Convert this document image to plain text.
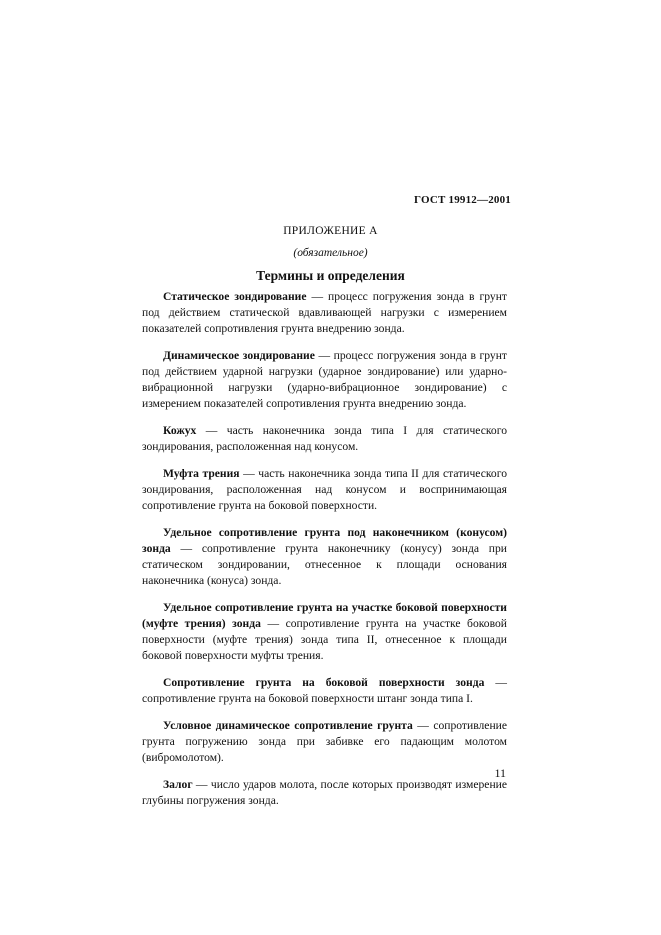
ГОСТ 19912—2001
ПРИЛОЖЕНИЕ А
(обязательное)
Термины и определения

Статическое зондирование — процесс погружения зонда в грунт под действием статической вдавливающей нагрузки с измерением показателей сопротивления грунта внедрению зонда.

Динамическое зондирование — процесс погружения зонда в грунт под действием ударной нагрузки (ударное зондирование) или ударно-вибрационной нагрузки (ударно-вибрационное зондирование) с измерением показателей сопротивления грунта внедрению зонда.

Кожух — часть наконечника зонда типа I для статического зондирования, расположенная над конусом.

Муфта трения — часть наконечника зонда типа II для статического зондирования, расположенная над конусом и воспринимающая сопротивление грунта на боковой поверхности.

Удельное сопротивление грунта под наконечником (конусом) зонда — сопротивление грунта наконечнику (конусу) зонда при статическом зондировании, отнесенное к площади основания наконечника (конуса) зонда.

Удельное сопротивление грунта на участке боковой поверхности (муфте трения) зонда — сопротивление грунта на участке боковой поверхности (муфте трения) зонда типа II, отнесенное к площади боковой поверхности муфты трения.

Сопротивление грунта на боковой поверхности зонда — сопротивление грунта на боковой поверхности штанг зонда типа I.

Условное динамическое сопротивление грунта — сопротивление грунта погружению зонда при забивке его падающим молотом (вибромолотом).

Залог — число ударов молота, после которых производят измерение глубины погружения зонда.

11
